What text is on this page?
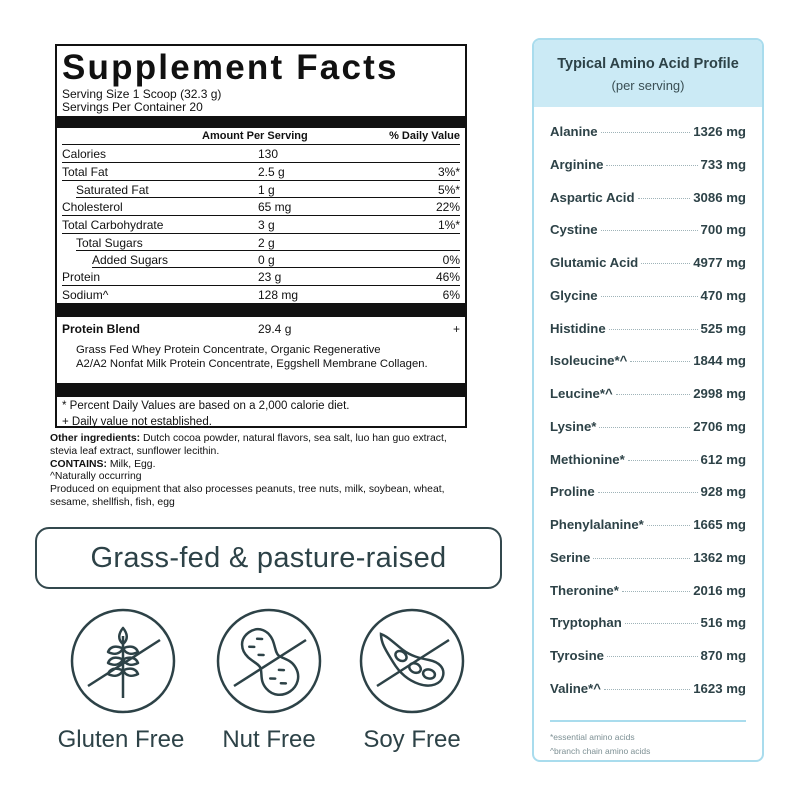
Supplement Facts
Serving Size 1 Scoop (32.3 g)
Servings Per Container 20
Amount Per Serving	% Daily Value
Calories	130
Total Fat	2.5 g	3%*
Saturated Fat	1 g	5%*
Cholesterol	65 mg	22%
Total Carbohydrate	3 g	1%*
Total Sugars	2 g
Added Sugars	0 g	0%
Protein	23 g	46%
Sodium^	128 mg	6%
Protein Blend	29.4 g	+
Grass Fed Whey Protein Concentrate, Organic Regenerative
A2/A2 Nonfat Milk Protein Concentrate, Eggshell Membrane Collagen.
* Percent Daily Values are based on a 2,000 calorie diet.
+ Daily value not established.
Other ingredients: Dutch cocoa powder, natural flavors, sea salt, luo han guo extract, stevia leaf extract, sunflower lecithin.
CONTAINS: Milk, Egg.
^Naturally occurring
Produced on equipment that also processes peanuts, tree nuts, milk, soybean, wheat, sesame, shellfish, fish, egg
Grass-fed & pasture-raised
Gluten Free	Nut Free	Soy Free
Typical Amino Acid Profile
(per serving)
Alanine	1326 mg
Arginine	733 mg
Aspartic Acid	3086 mg
Cystine	700 mg
Glutamic Acid	4977 mg
Glycine	470 mg
Histidine	525 mg
Isoleucine*^	1844 mg
Leucine*^	2998 mg
Lysine*	2706 mg
Methionine*	612 mg
Proline	928 mg
Phenylalanine*	1665 mg
Serine	1362 mg
Theronine*	2016 mg
Tryptophan	516 mg
Tyrosine	870 mg
Valine*^	1623 mg
*essential amino acids
^branch chain amino acids
